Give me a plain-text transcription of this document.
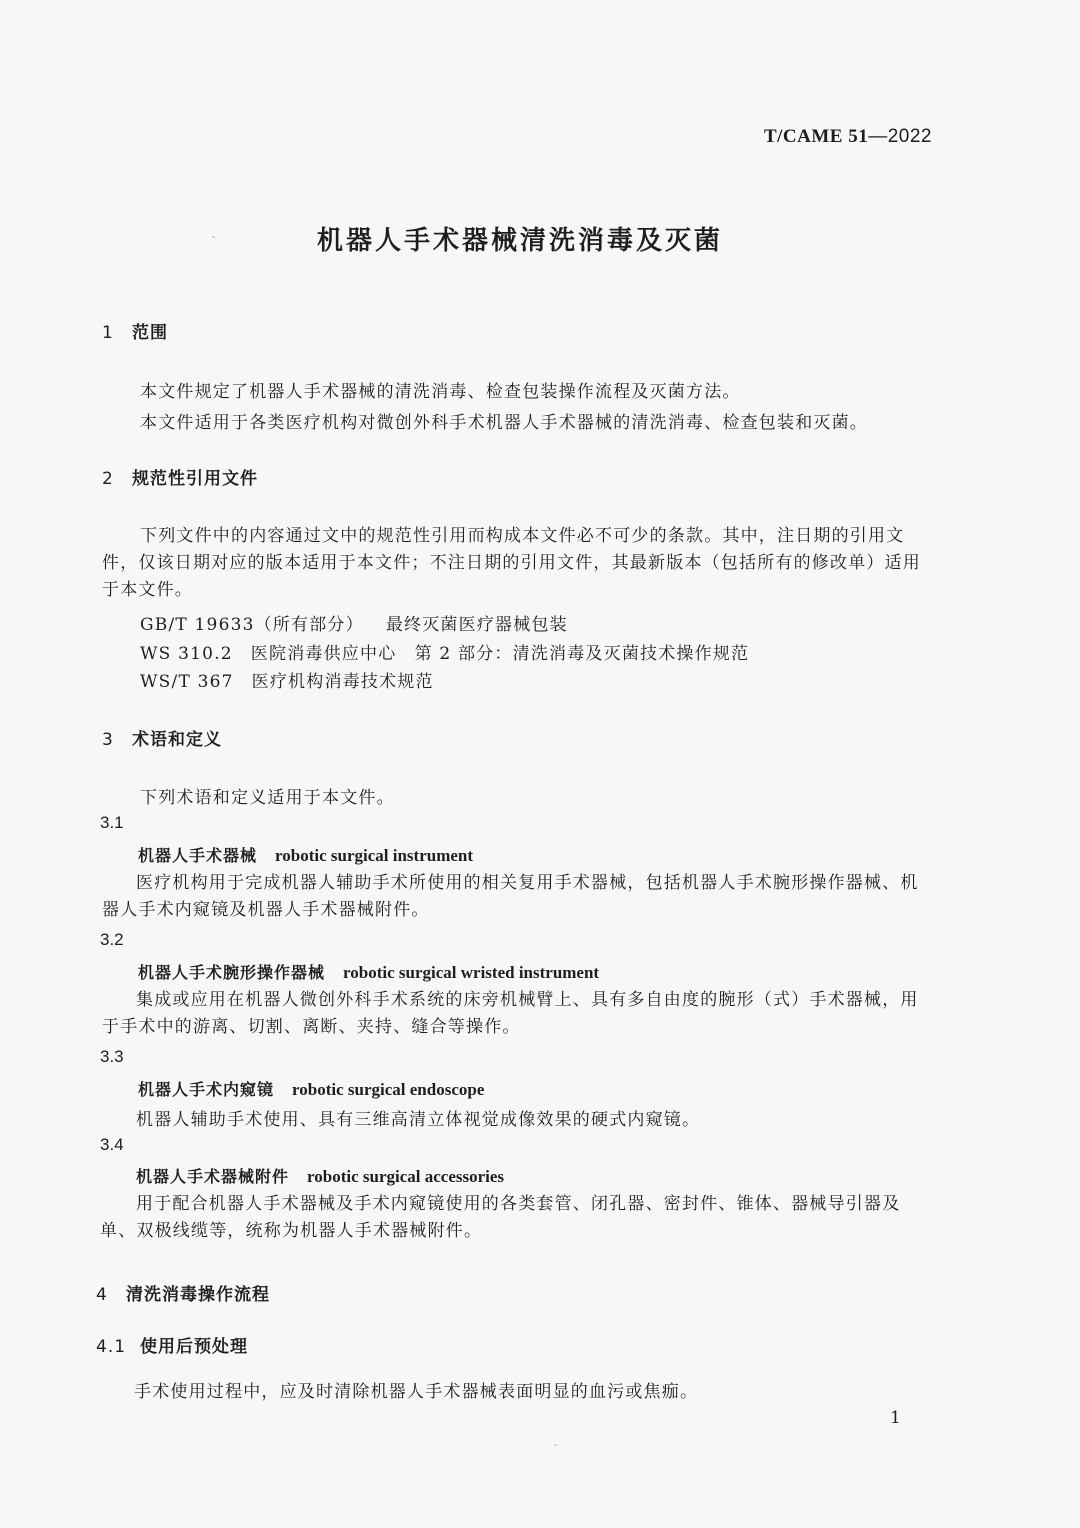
T/CAME 51—2022
机器人手术器械清洗消毒及灭菌
1 范围
本文件规定了机器人手术器械的清洗消毒、检查包装操作流程及灭菌方法。
本文件适用于各类医疗机构对微创外科手术机器人手术器械的清洗消毒、检查包装和灭菌。
2 规范性引用文件
下列文件中的内容通过文中的规范性引用而构成本文件必不可少的条款。其中，注日期的引用文件，仅该日期对应的版本适用于本文件；不注日期的引用文件，其最新版本（包括所有的修改单）适用于本文件。
GB/T 19633（所有部分） 最终灭菌医疗器械包装
WS 310.2 医院消毒供应中心　第 2 部分：清洗消毒及灭菌技术操作规范
WS/T 367 医疗机构消毒技术规范
3 术语和定义
下列术语和定义适用于本文件。
3.1
机器人手术器械 robotic surgical instrument
医疗机构用于完成机器人辅助手术所使用的相关复用手术器械，包括机器人手术腕形操作器械、机器人手术内窥镜及机器人手术器械附件。
3.2
机器人手术腕形操作器械 robotic surgical wristed instrument
集成或应用在机器人微创外科手术系统的床旁机械臂上、具有多自由度的腕形（式）手术器械，用于手术中的游离、切割、离断、夹持、缝合等操作。
3.3
机器人手术内窥镜 robotic surgical endoscope
机器人辅助手术使用、具有三维高清立体视觉成像效果的硬式内窥镜。
3.4
机器人手术器械附件 robotic surgical accessories
用于配合机器人手术器械及手术内窥镜使用的各类套管、闭孔器、密封件、锥体、器械导引器及单、双极线缆等，统称为机器人手术器械附件。
4 清洗消毒操作流程
4.1 使用后预处理
手术使用过程中，应及时清除机器人手术器械表面明显的血污或焦痂。
1
